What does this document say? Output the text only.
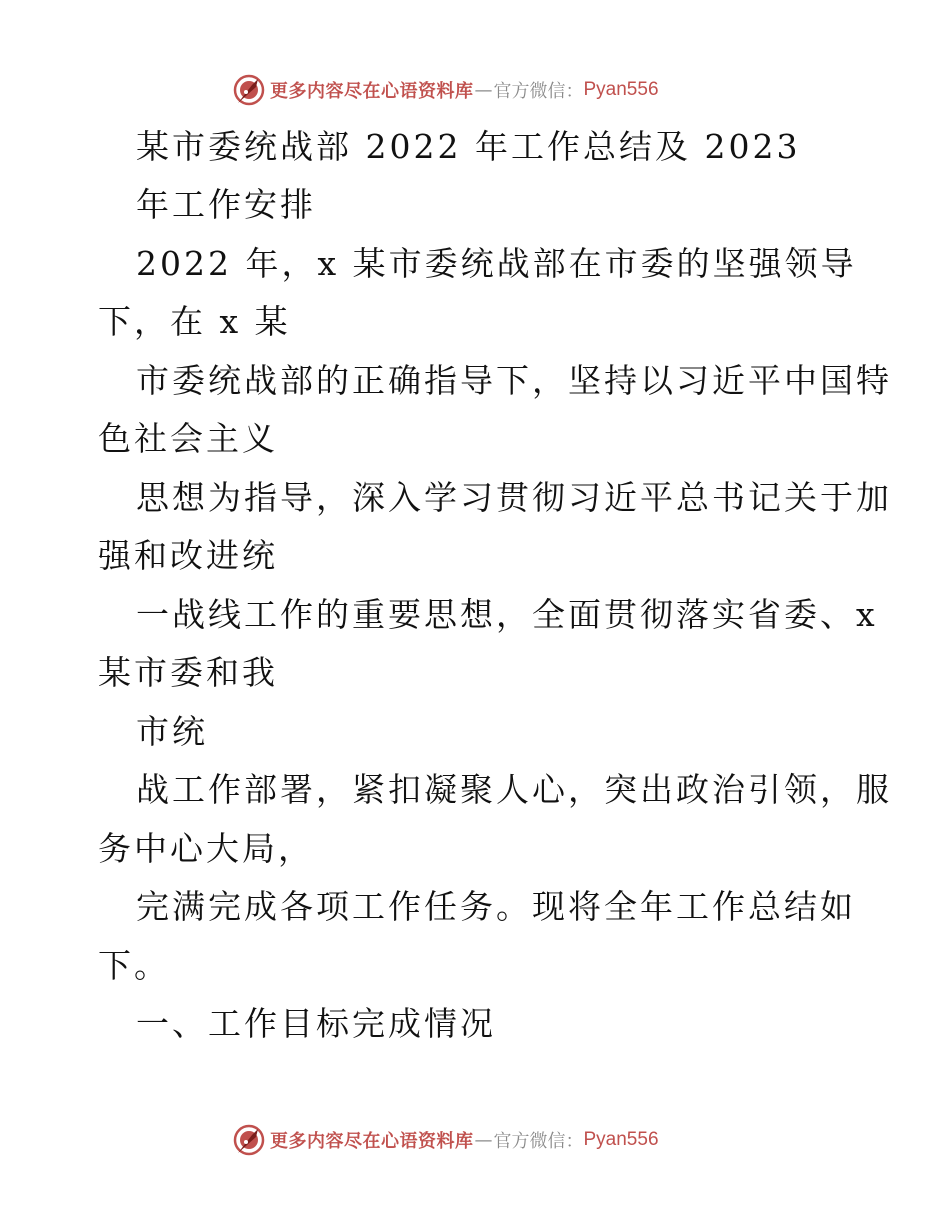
更多内容尽在心语资料库 — 官方微信： Pyan556
某市委统战部 2022 年工作总结及 2023
年工作安排
2022 年，x 某市委统战部在市委的坚强领导
下，在 x 某
市委统战部的正确指导下，坚持以习近平中国特
色社会主义
思想为指导，深入学习贯彻习近平总书记关于加
强和改进统
一战线工作的重要思想，全面贯彻落实省委、x
某市委和我
市统
战工作部署，紧扣凝聚人心，突出政治引领，服
务中心大局，
完满完成各项工作任务。现将全年工作总结如
下。
一、工作目标完成情况
更多内容尽在心语资料库 — 官方微信： Pyan556
